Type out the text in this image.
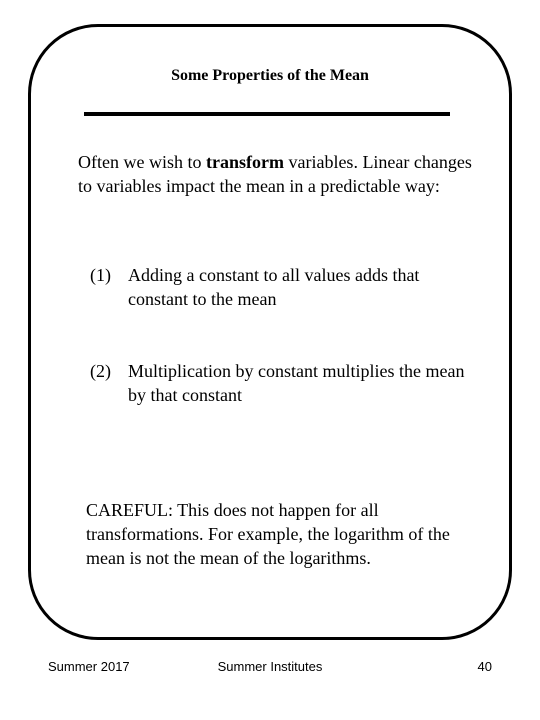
Some Properties of the Mean

Often we wish to transform variables. Linear changes to variables impact the mean in a predictable way:

(1) Adding a constant to all values adds that constant to the mean
(2) Multiplication by constant multiplies the mean by that constant

CAREFUL: This does not happen for all transformations. For example, the logarithm of the mean is not the mean of the logarithms.

Summer 2017	Summer Institutes	40
